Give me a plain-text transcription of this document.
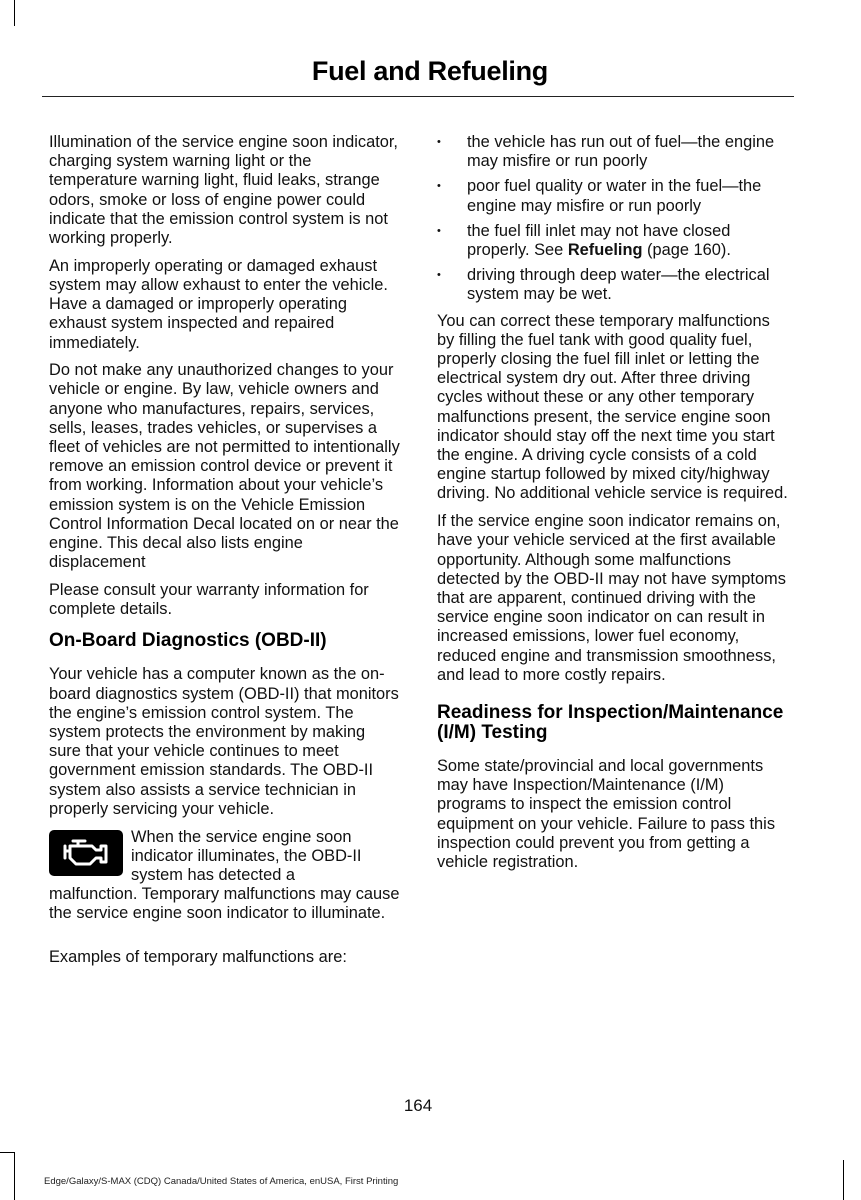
Fuel and Refueling

Illumination of the service engine soon indicator, charging system warning light or the temperature warning light, fluid leaks, strange odors, smoke or loss of engine power could indicate that the emission control system is not working properly.

An improperly operating or damaged exhaust system may allow exhaust to enter the vehicle. Have a damaged or improperly operating exhaust system inspected and repaired immediately.

Do not make any unauthorized changes to your vehicle or engine. By law, vehicle owners and anyone who manufactures, repairs, services, sells, leases, trades vehicles, or supervises a fleet of vehicles are not permitted to intentionally remove an emission control device or prevent it from working. Information about your vehicle’s emission system is on the Vehicle Emission Control Information Decal located on or near the engine. This decal also lists engine displacement

Please consult your warranty information for complete details.

On-Board Diagnostics (OBD-II)

Your vehicle has a computer known as the on-board diagnostics system (OBD-II) that monitors the engine’s emission control system. The system protects the environment by making sure that your vehicle continues to meet government emission standards. The OBD-II system also assists a service technician in properly servicing your vehicle.

When the service engine soon indicator illuminates, the OBD-II system has detected a

malfunction. Temporary malfunctions may cause the service engine soon indicator to illuminate.

Examples of temporary malfunctions are:

• the vehicle has run out of fuel—the engine may misfire or run poorly
• poor fuel quality or water in the fuel—the engine may misfire or run poorly
• the fuel fill inlet may not have closed properly. See Refueling (page 160).
• driving through deep water—the electrical system may be wet.

You can correct these temporary malfunctions by filling the fuel tank with good quality fuel, properly closing the fuel fill inlet or letting the electrical system dry out. After three driving cycles without these or any other temporary malfunctions present, the service engine soon indicator should stay off the next time you start the engine. A driving cycle consists of a cold engine startup followed by mixed city/highway driving. No additional vehicle service is required.

If the service engine soon indicator remains on, have your vehicle serviced at the first available opportunity. Although some malfunctions detected by the OBD-II may not have symptoms that are apparent, continued driving with the service engine soon indicator on can result in increased emissions, lower fuel economy, reduced engine and transmission smoothness, and lead to more costly repairs.

Readiness for Inspection/Maintenance (I/M) Testing

Some state/provincial and local governments may have Inspection/Maintenance (I/M) programs to inspect the emission control equipment on your vehicle. Failure to pass this inspection could prevent you from getting a vehicle registration.

164

Edge/Galaxy/S-MAX (CDQ) Canada/United States of America, enUSA, First Printing
